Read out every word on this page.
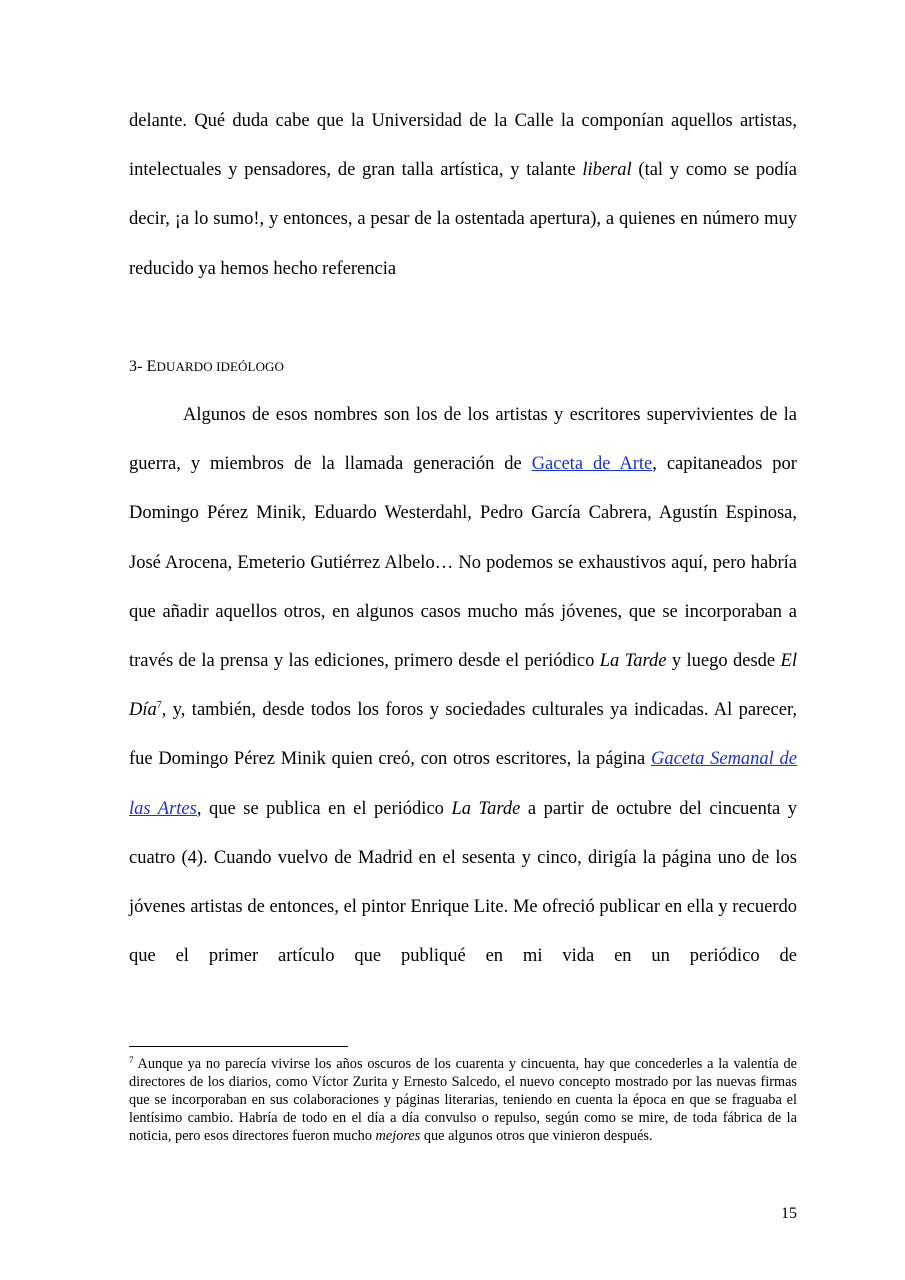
delante. Qué duda cabe que la Universidad de la Calle la componían aquellos artistas, intelectuales y pensadores, de gran talla artística, y talante liberal (tal y como se podía decir, ¡a lo sumo!, y entonces, a pesar de la ostentada apertura), a quienes en número muy reducido ya hemos hecho referencia

3- EDUARDO IDEÓLOGO

Algunos de esos nombres son los de los artistas y escritores supervivientes de la guerra, y miembros de la llamada generación de Gaceta de Arte, capitaneados por Domingo Pérez Minik, Eduardo Westerdahl, Pedro García Cabrera, Agustín Espinosa, José Arocena, Emeterio Gutiérrez Albelo… No podemos se exhaustivos aquí, pero habría que añadir aquellos otros, en algunos casos mucho más jóvenes, que se incorporaban a través de la prensa y las ediciones, primero desde el periódico La Tarde y luego desde El Día$^7$, y, también, desde todos los foros y sociedades culturales ya indicadas. Al parecer, fue Domingo Pérez Minik quien creó, con otros escritores, la página Gaceta Semanal de las Artes, que se publica en el periódico La Tarde a partir de octubre del cincuenta y cuatro (4). Cuando vuelvo de Madrid en el sesenta y cinco, dirigía la página uno de los jóvenes artistas de entonces, el pintor Enrique Lite. Me ofreció publicar en ella y recuerdo que el primer artículo que publiqué en mi vida en un periódico de

$^7$ Aunque ya no parecía vivirse los años oscuros de los cuarenta y cincuenta, hay que concederles a la valentía de directores de los diarios, como Víctor Zurita y Ernesto Salcedo, el nuevo concepto mostrado por las nuevas firmas que se incorporaban en sus colaboraciones y páginas literarias, teniendo en cuenta la época en que se fraguaba el lentísimo cambio. Habría de todo en el día a día convulso o repulso, según como se mire, de toda fábrica de la noticia, pero esos directores fueron mucho mejores que algunos otros que vinieron después.

15
